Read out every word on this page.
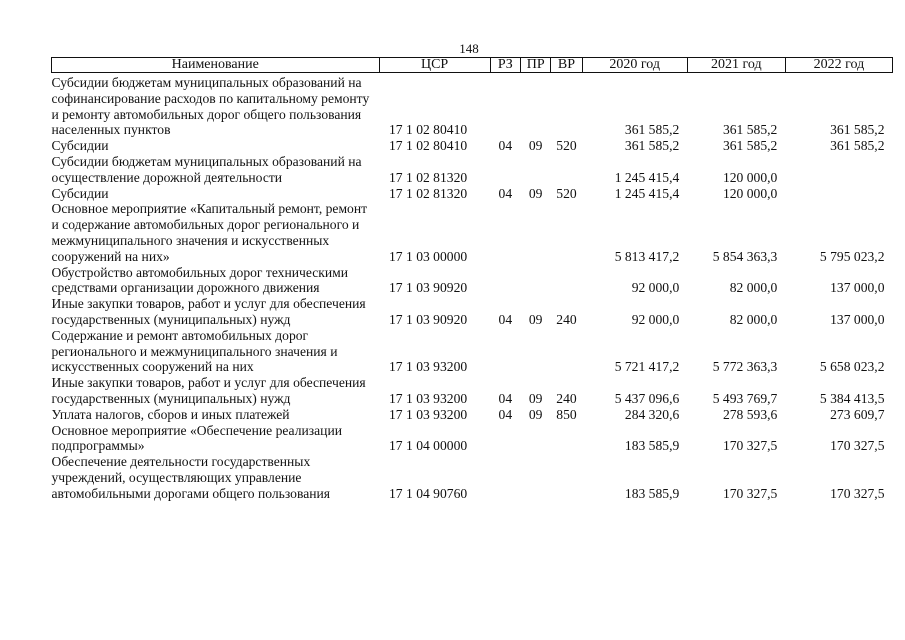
148
Наименование	ЦСР	РЗ	ПР	ВР	2020 год	2021 год	2022 год
Субсидии бюджетам муниципальных образований на софинансирование расходов по капитальному ремонту и ремонту автомобильных дорог общего пользования населенных пунктов	17 1 02 80410				361 585,2	361 585,2	361 585,2
Субсидии	17 1 02 80410	04	09	520	361 585,2	361 585,2	361 585,2
Субсидии бюджетам муниципальных образований на осуществление дорожной деятельности	17 1 02 81320				1 245 415,4	120 000,0	
Субсидии	17 1 02 81320	04	09	520	1 245 415,4	120 000,0	
Основное мероприятие «Капитальный ремонт, ремонт и содержание автомобильных дорог регионального и межмуниципального значения и искусственных сооружений на них»	17 1 03 00000				5 813 417,2	5 854 363,3	5 795 023,2
Обустройство автомобильных дорог техническими средствами организации дорожного движения	17 1 03 90920				92 000,0	82 000,0	137 000,0
Иные закупки товаров, работ и услуг для обеспечения государственных (муниципальных) нужд	17 1 03 90920	04	09	240	92 000,0	82 000,0	137 000,0
Содержание и ремонт автомобильных дорог регионального и межмуниципального значения и искусственных сооружений на них	17 1 03 93200				5 721 417,2	5 772 363,3	5 658 023,2
Иные закупки товаров, работ и услуг для обеспечения государственных (муниципальных) нужд	17 1 03 93200	04	09	240	5 437 096,6	5 493 769,7	5 384 413,5
Уплата налогов, сборов и иных платежей	17 1 03 93200	04	09	850	284 320,6	278 593,6	273 609,7
Основное мероприятие «Обеспечение реализации подпрограммы»	17 1 04 00000				183 585,9	170 327,5	170 327,5
Обеспечение деятельности государственных учреждений, осуществляющих управление автомобильными дорогами общего пользования	17 1 04 90760				183 585,9	170 327,5	170 327,5
